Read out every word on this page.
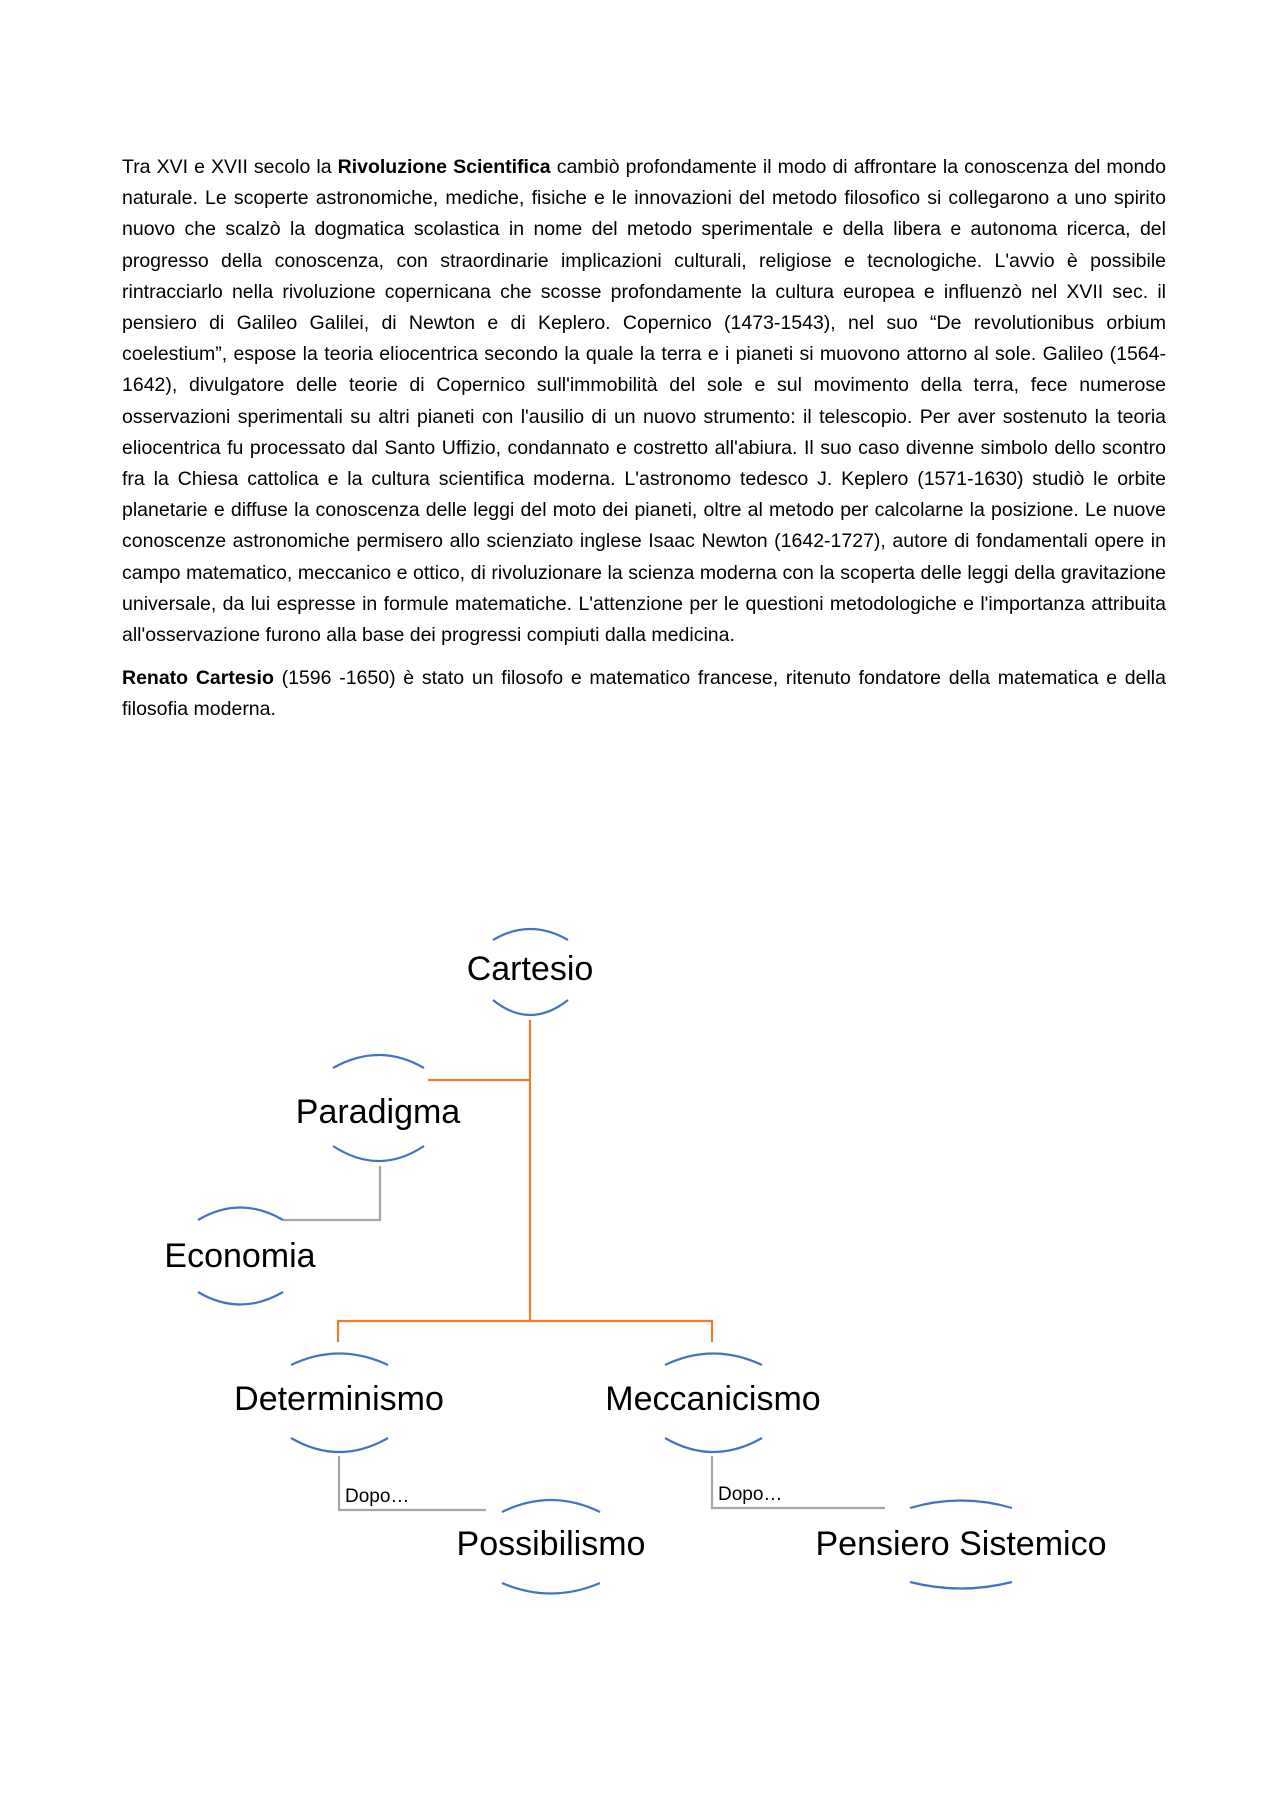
Tra XVI e XVII secolo la Rivoluzione Scientifica cambiò profondamente il modo di affrontare la conoscenza del mondo naturale. Le scoperte astronomiche, mediche, fisiche e le innovazioni del metodo filosofico si collegarono a uno spirito nuovo che scalzò la dogmatica scolastica in nome del metodo sperimentale e della libera e autonoma ricerca, del progresso della conoscenza, con straordinarie implicazioni culturali, religiose e tecnologiche. L'avvio è possibile rintracciarlo nella rivoluzione copernicana che scosse profondamente la cultura europea e influenzò nel XVII sec. il pensiero di Galileo Galilei, di Newton e di Keplero. Copernico (1473-1543), nel suo “De revolutionibus orbium coelestium”, espose la teoria eliocentrica secondo la quale la terra e i pianeti si muovono attorno al sole. Galileo (1564-1642), divulgatore delle teorie di Copernico sull'immobilità del sole e sul movimento della terra, fece numerose osservazioni sperimentali su altri pianeti con l'ausilio di un nuovo strumento: il telescopio. Per aver sostenuto la teoria eliocentrica fu processato dal Santo Uffizio, condannato e costretto all'abiura. Il suo caso divenne simbolo dello scontro fra la Chiesa cattolica e la cultura scientifica moderna. L'astronomo tedesco J. Keplero (1571-1630) studiò le orbite planetarie e diffuse la conoscenza delle leggi del moto dei pianeti, oltre al metodo per calcolarne la posizione. Le nuove conoscenze astronomiche permisero allo scienziato inglese Isaac Newton (1642-1727), autore di fondamentali opere in campo matematico, meccanico e ottico, di rivoluzionare la scienza moderna con la scoperta delle leggi della gravitazione universale, da lui espresse in formule matematiche. L'attenzione per le questioni metodologiche e l'importanza attribuita all'osservazione furono alla base dei progressi compiuti dalla medicina.

Renato Cartesio (1596 -1650) è stato un filosofo e matematico francese, ritenuto fondatore della matematica e della filosofia moderna.

Cartesio
Paradigma
Economia
Determinismo	Meccanicismo
Possibilismo	Pensiero Sistemico
Dopo…	Dopo…
